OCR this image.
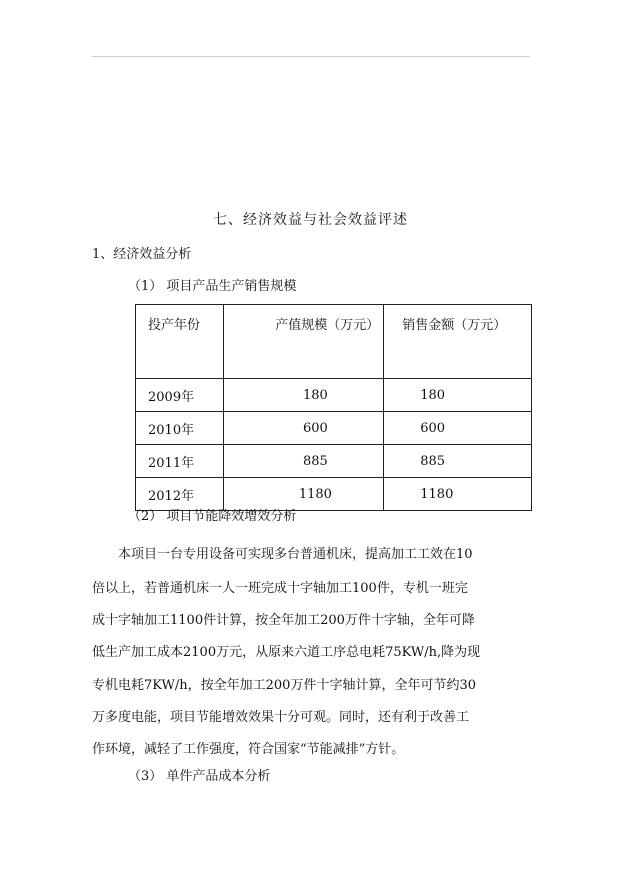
七、经济效益与社会效益评述
1、经济效益分析
（1） 项目产品生产销售规模
投产年份	产值规模（万元）	销售金额（万元）
2009年	180	180
2010年	600	600
2011年	885	885
2012年	1180	1180
（2） 项目节能降效增效分析
本项目一台专用设备可实现多台普通机床，提高加工工效在10
倍以上，若普通机床一人一班完成十字轴加工100件，专机一班完
成十字轴加工1100件计算，按全年加工200万件十字轴，全年可降
低生产加工成本2100万元，从原来六道工序总电耗75KW/h,降为现
专机电耗7KW/h，按全年加工200万件十字轴计算，全年可节约30
万多度电能，项目节能增效效果十分可观。同时，还有利于改善工
作环境，减轻了工作强度，符合国家“节能减排”方针。
（3） 单件产品成本分析
